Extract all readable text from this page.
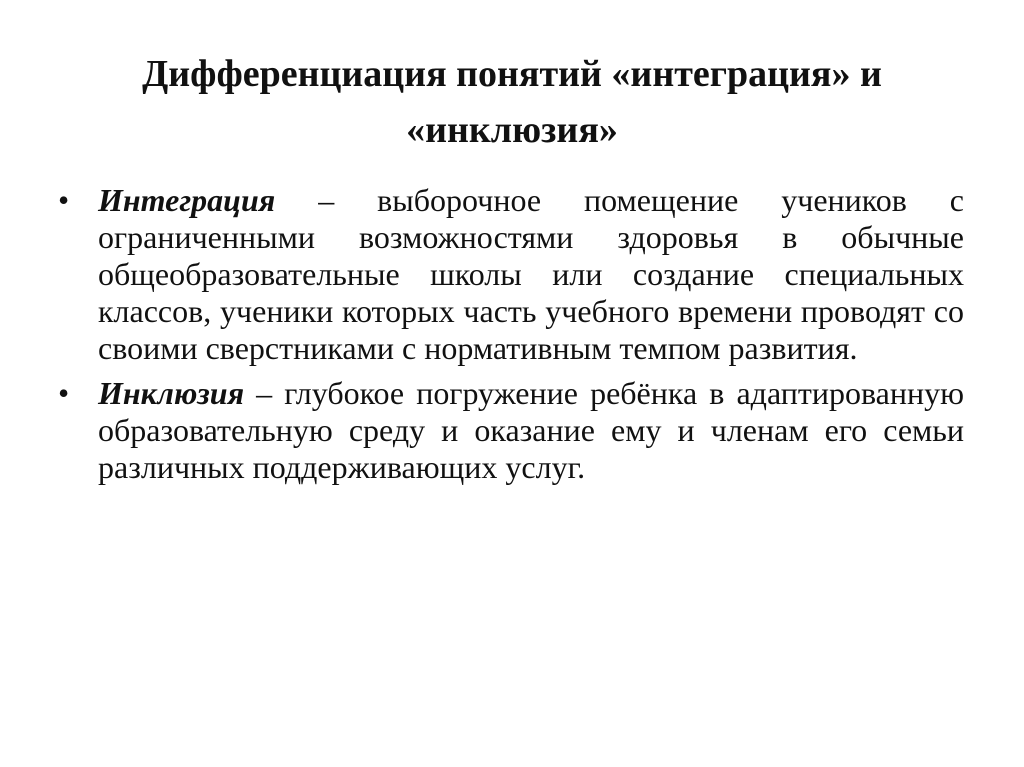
Дифференциация понятий «интеграция» и «инклюзия»
• Интеграция – выборочное помещение учеников с ограниченными возможностями здоровья в обычные общеобразовательные школы или создание специальных классов, ученики которых часть учебного времени проводят со своими сверстниками с нормативным темпом развития.

• Инклюзия – глубокое погружение ребёнка в адаптированную образовательную среду и оказание ему и членам его семьи различных поддерживающих услуг.
